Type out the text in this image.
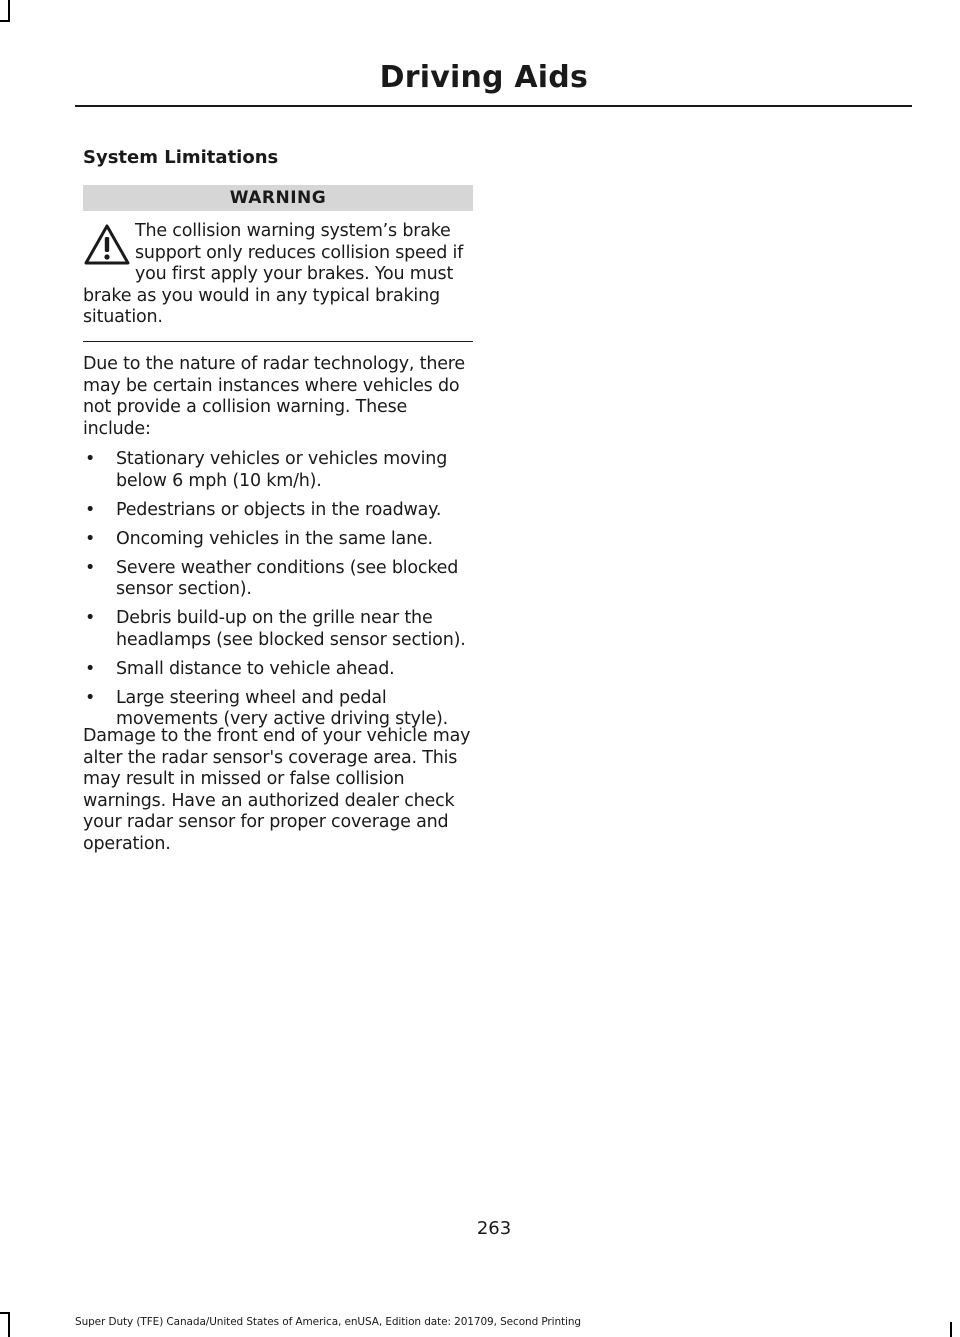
Driving Aids
System Limitations
WARNING
The collision warning system’s brake support only reduces collision speed if you first apply your brakes. You must brake as you would in any typical braking situation.

Due to the nature of radar technology, there may be certain instances where vehicles do not provide a collision warning. These include:

• Stationary vehicles or vehicles moving below 6 mph (10 km/h).
• Pedestrians or objects in the roadway.
• Oncoming vehicles in the same lane.
• Severe weather conditions (see blocked sensor section).
• Debris build-up on the grille near the headlamps (see blocked sensor section).
• Small distance to vehicle ahead.
• Large steering wheel and pedal movements (very active driving style).

Damage to the front end of your vehicle may alter the radar sensor's coverage area. This may result in missed or false collision warnings. Have an authorized dealer check your radar sensor for proper coverage and operation.

263
Super Duty (TFE) Canada/United States of America, enUSA, Edition date: 201709, Second Printing
